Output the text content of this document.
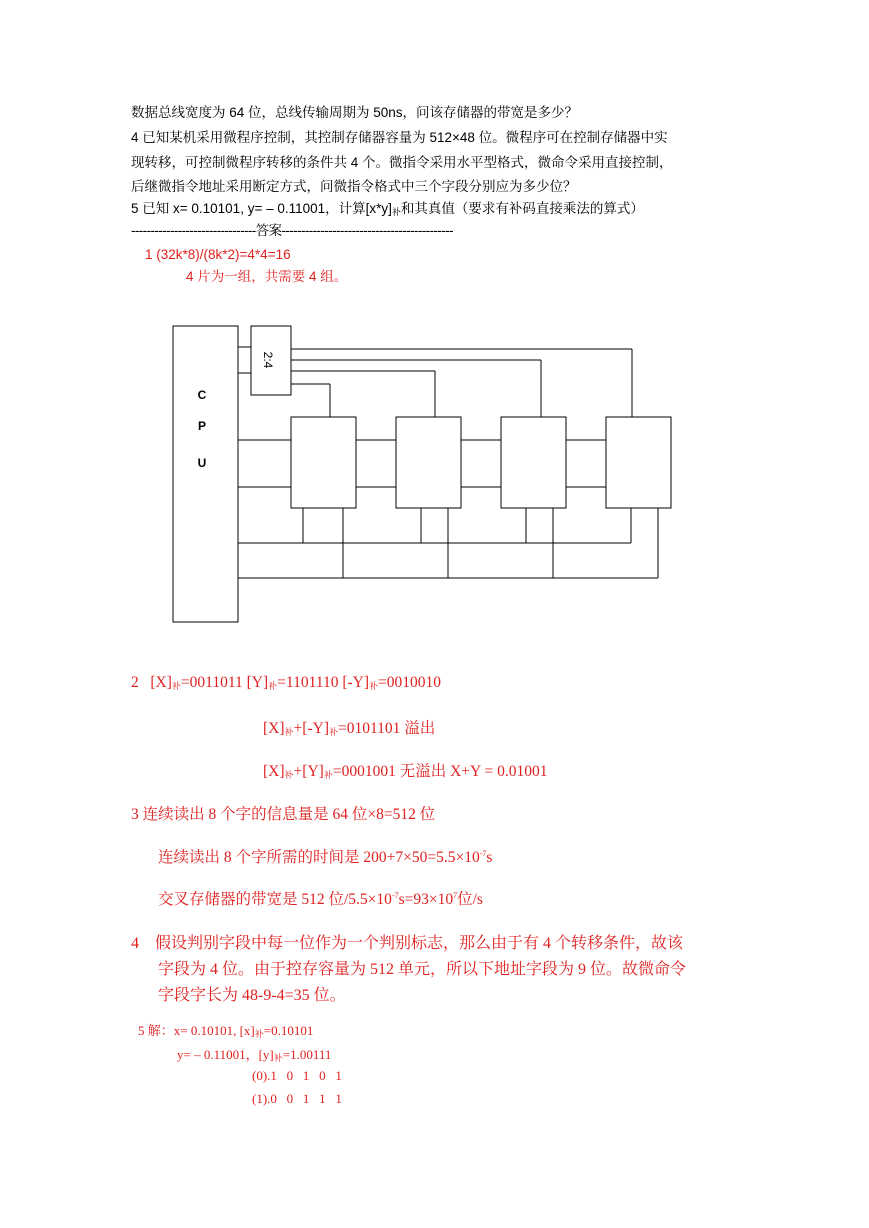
数据总线宽度为 64 位，总线传输周期为 50ns，问该存储器的带宽是多少？
4 已知某机采用微程序控制，其控制存储器容量为 512×48 位。微程序可在控制存储器中实
现转移，可控制微程序转移的条件共 4 个。微指令采用水平型格式，微命令采用直接控制，
后继微指令地址采用断定方式，问微指令格式中三个字段分别应为多少位？
5 已知 x= 0.10101, y= – 0.11001，计算$[x*y]_补$和其真值（要求有补码直接乘法的算式）
--------------------------------答案--------------------------------------------
1 (32k*8)/(8k*2)=4*4=16
4 片为一组，共需要 4 组。
C
P
U
2:4
2 $[X]_补=0011011$ $[Y]_补=1101110$ $[-Y]_补=0010010$
$[X]_补+[-Y]_补=0101101$ 溢出
$[X]_补+[Y]_补=0001001$ 无溢出 X+Y = 0.01001
3 连续读出 8 个字的信息量是 64 位×8=512 位
连续读出 8 个字所需的时间是 $200+7\times 50=5.5\times 10^{-7}s$
交叉存储器的带宽是 512 位$/5.5\times 10^{-7}s=93\times 10^7$位/s
4 假设判别字段中每一位作为一个判别标志，那么由于有 4 个转移条件，故该
字段为 4 位。由于控存容量为 512 单元，所以下地址字段为 9 位。故微命令
字段字长为 48-9-4=35 位。
5 解：x= 0.10101, $[x]_补=0.10101$
y= – 0.11001，$[y]_补=1.00111$
(0).1   0   1   0   1
(1).0   0   1   1   1
